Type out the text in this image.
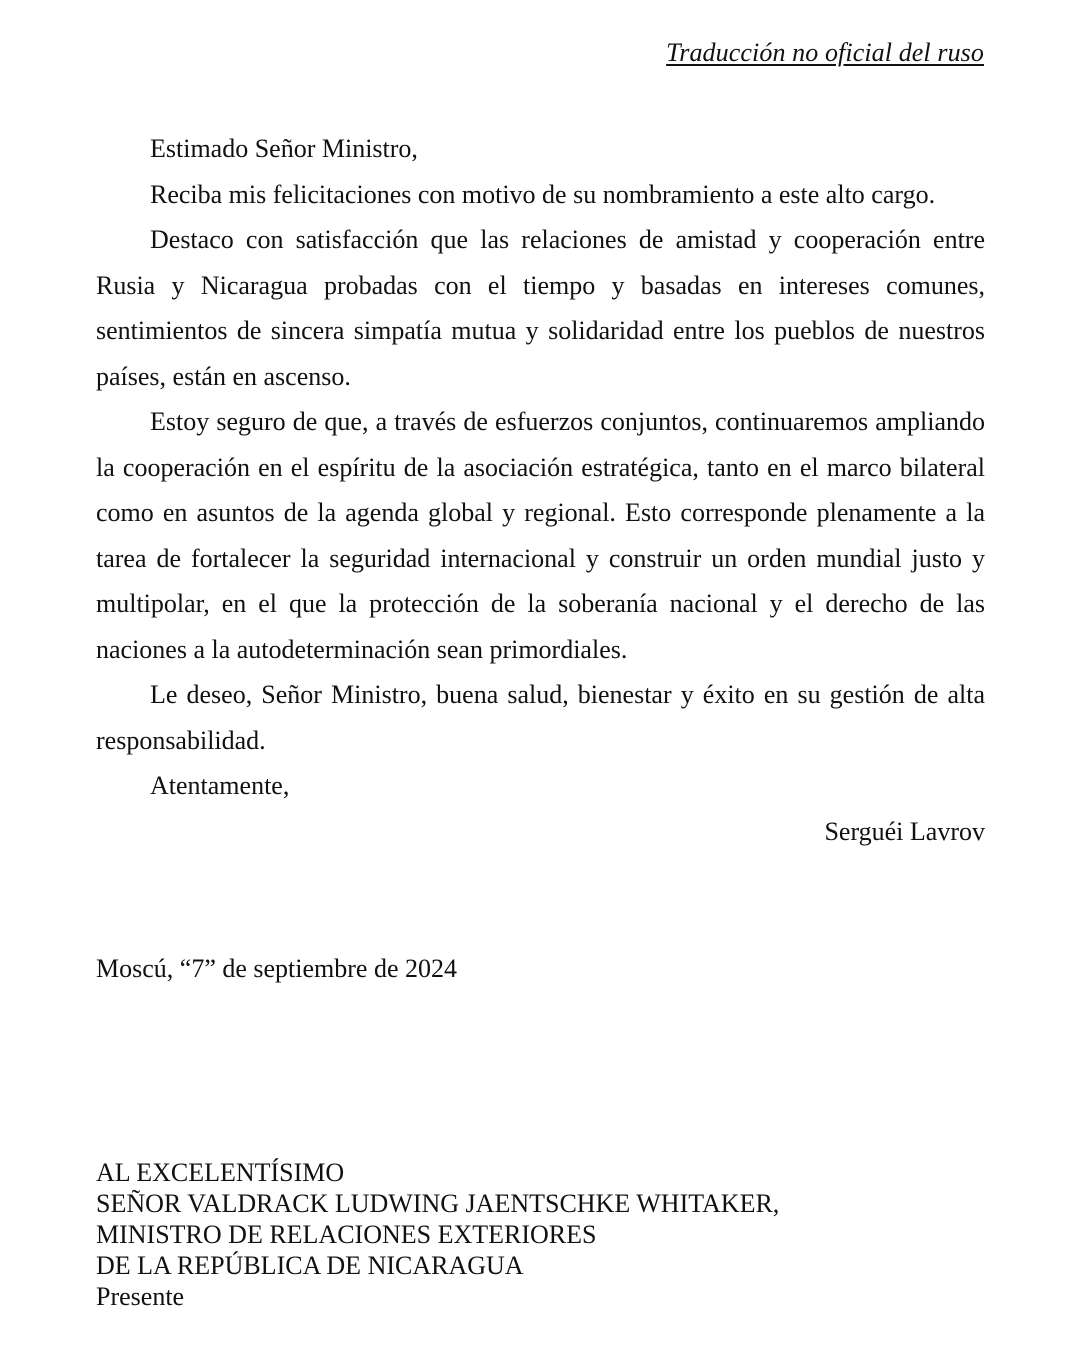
Traducción no oficial del ruso

Estimado Señor Ministro,

Reciba mis felicitaciones con motivo de su nombramiento a este alto cargo.

Destaco con satisfacción que las relaciones de amistad y cooperación entre Rusia y Nicaragua probadas con el tiempo y basadas en intereses comunes, sentimientos de sincera simpatía mutua y solidaridad entre los pueblos de nuestros países, están en ascenso.

Estoy seguro de que, a través de esfuerzos conjuntos, continuaremos ampliando la cooperación en el espíritu de la asociación estratégica, tanto en el marco bilateral como en asuntos de la agenda global y regional. Esto corresponde plenamente a la tarea de fortalecer la seguridad internacional y construir un orden mundial justo y multipolar, en el que la protección de la soberanía nacional y el derecho de las naciones a la autodeterminación sean primordiales.

Le deseo, Señor Ministro, buena salud, bienestar y éxito en su gestión de alta responsabilidad.

Atentamente,

Serguéi Lavrov

Moscú, “7” de septiembre de 2024
AL EXCELENTÍSIMO
SEÑOR VALDRACK LUDWING JAENTSCHKE WHITAKER,
MINISTRO DE RELACIONES EXTERIORES
DE LA REPÚBLICA DE NICARAGUA
Presente
